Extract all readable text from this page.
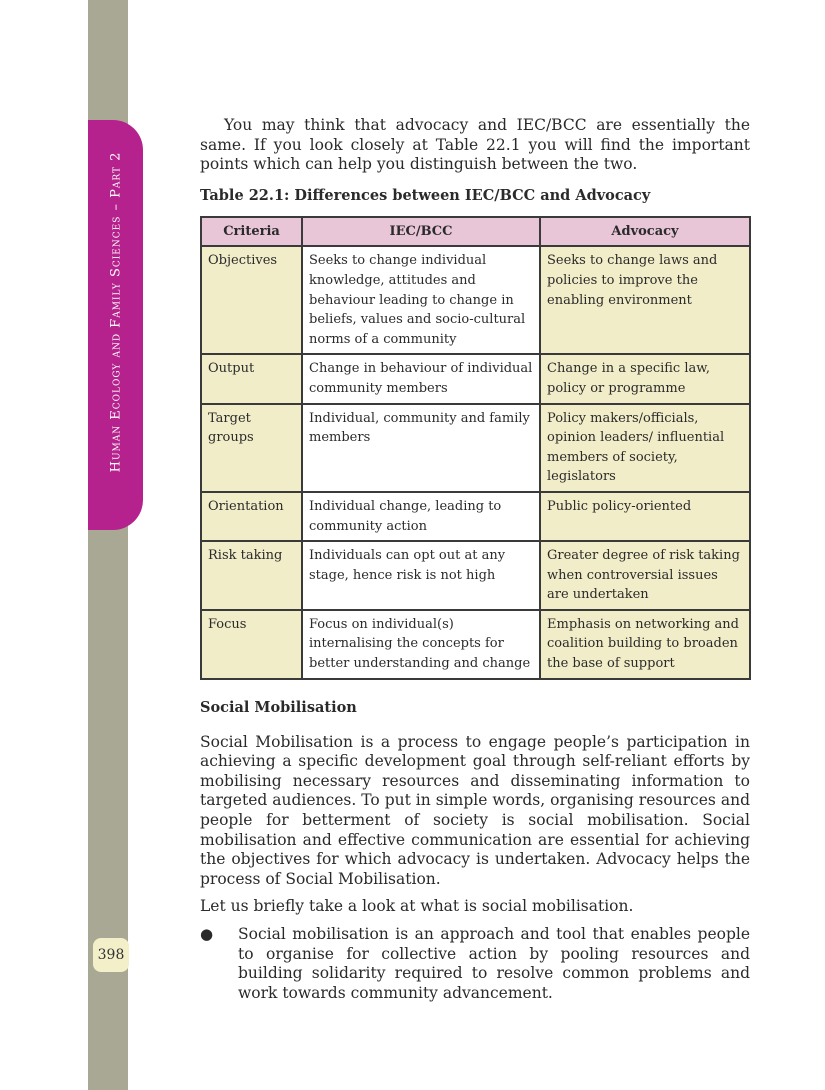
Human Ecology and Family Sciences – Part 2
398

You may think that advocacy and IEC/BCC are essentially the same. If you look closely at Table 22.1 you will find the important points which can help you distinguish between the two.

Table 22.1: Differences between IEC/BCC and Advocacy
Criteria	IEC/BCC	Advocacy
Objectives	Seeks to change individual knowledge, attitudes and behaviour leading to change in beliefs, values and socio-cultural norms of a community	Seeks to change laws and policies to improve the enabling environment
Output	Change in behaviour of individual community members	Change in a specific law, policy or programme
Target groups	Individual, community and family members	Policy makers/officials, opinion leaders/ influential members of society, legislators
Orientation	Individual change, leading to community action	Public policy-oriented
Risk taking	Individuals can opt out at any stage, hence risk is not high	Greater degree of risk taking when controversial issues are undertaken
Focus	Focus on individual(s) internalising the concepts for better understanding and change	Emphasis on networking and coalition building to broaden the base of support
Social Mobilisation

Social Mobilisation is a process to engage people’s participation in achieving a specific development goal through self-reliant efforts by mobilising necessary resources and disseminating information to targeted audiences. To put in simple words, organising resources and people for betterment of society is social mobilisation. Social mobilisation and effective communication are essential for achieving the objectives for which advocacy is undertaken. Advocacy helps the process of Social Mobilisation.

Let us briefly take a look at what is social mobilisation.

●	Social mobilisation is an approach and tool that enables people to organise for collective action by pooling resources and building solidarity required to resolve common problems and work towards community advancement.
